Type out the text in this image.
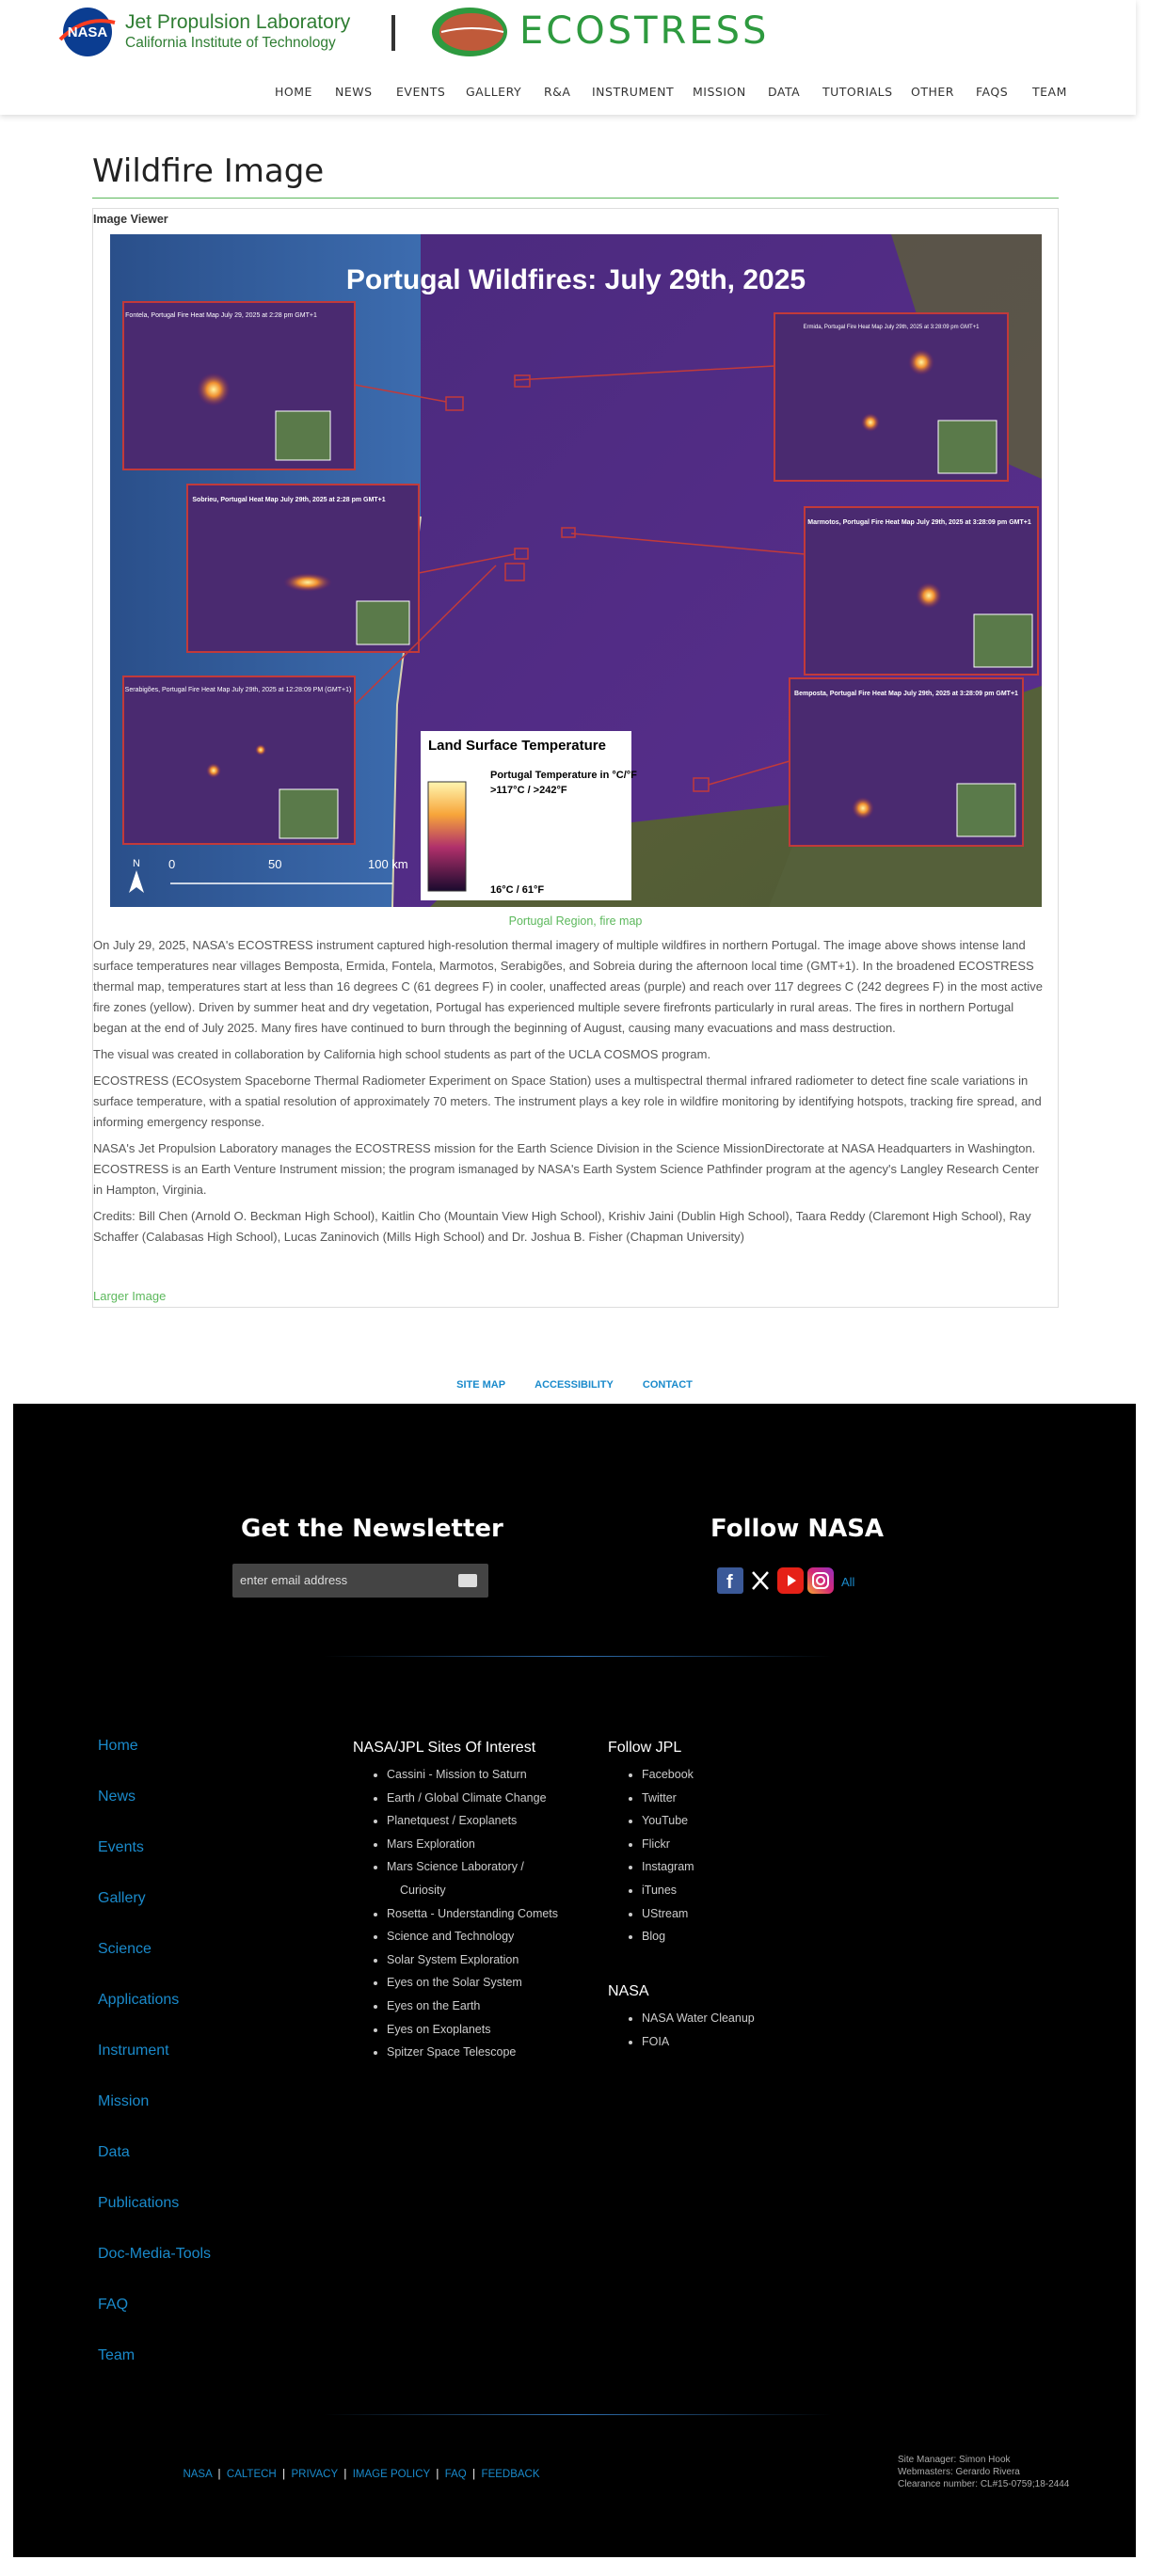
NASA Jet Propulsion Laboratory
California Institute of Technology	ECOSTRESS
HOME NEWS EVENTS GALLERY R&A INSTRUMENT MISSION DATA TUTORIALS OTHER FAQS TEAM
Wildfire Image
Image Viewer
Portugal Wildfires: July 29th, 2025
Fontela, Portugal Fire Heat Map July 29, 2025 at 2:28 pm GMT+1
Ermida, Portugal Fire Heat Map July 29th, 2025 at 3:28:09 pm GMT+1
Sobrieu, Portugal Heat Map July 29th, 2025 at 2:28 pm GMT+1
Marmotos, Portugal Fire Heat Map July 29th, 2025 at 3:28:09 pm GMT+1
Serabigões, Portugal Fire Heat Map July 29th, 2025 at 12:28:09 PM (GMT+1)
Bemposta, Portugal Fire Heat Map July 29th, 2025 at 3:28:09 pm GMT+1
Land Surface Temperature
Portugal Temperature in °C/°F
>117°C / >242°F
16°C / 61°F
0	50	100 km
N
Portugal Region, fire map

On July 29, 2025, NASA's ECOSTRESS instrument captured high-resolution thermal imagery of multiple wildfires in northern Portugal. The image above shows intense land surface temperatures near villages Bemposta, Ermida, Fontela, Marmotos, Serabigões, and Sobreia during the afternoon local time (GMT+1). In the broadened ECOSTRESS thermal map, temperatures start at less than 16 degrees C (61 degrees F) in cooler, unaffected areas (purple) and reach over 117 degrees C (242 degrees F) in the most active fire zones (yellow). Driven by summer heat and dry vegetation, Portugal has experienced multiple severe firefronts particularly in rural areas. The fires in northern Portugal began at the end of July 2025. Many fires have continued to burn through the beginning of August, causing many evacuations and mass destruction.

The visual was created in collaboration by California high school students as part of the UCLA COSMOS program.

ECOSTRESS (ECOsystem Spaceborne Thermal Radiometer Experiment on Space Station) uses a multispectral thermal infrared radiometer to detect fine scale variations in surface temperature, with a spatial resolution of approximately 70 meters. The instrument plays a key role in wildfire monitoring by identifying hotspots, tracking fire spread, and informing emergency response.

NASA's Jet Propulsion Laboratory manages the ECOSTRESS mission for the Earth Science Division in the Science MissionDirectorate at NASA Headquarters in Washington. ECOSTRESS is an Earth Venture Instrument mission; the program ismanaged by NASA's Earth System Science Pathfinder program at the agency's Langley Research Center in Hampton, Virginia.

Credits: Bill Chen (Arnold O. Beckman High School), Kaitlin Cho (Mountain View High School), Krishiv Jaini (Dublin High School), Taara Reddy (Claremont High School), Ray Schaffer (Calabasas High School), Lucas Zaninovich (Mills High School) and Dr. Joshua B. Fisher (Chapman University)

Larger Image
SITE MAP	ACCESSIBILITY	CONTACT
Get the Newsletter
enter email address
Follow NASA
f	All
Home
News
Events
Gallery
Science
Applications
Instrument
Mission
Data
Publications
Doc-Media-Tools
FAQ
Team
NASA/JPL Sites Of Interest
• Cassini - Mission to Saturn
• Earth / Global Climate Change
• Planetquest / Exoplanets
• Mars Exploration
• Mars Science Laboratory /
Curiosity
• Rosetta - Understanding Comets
• Science and Technology
• Solar System Exploration
• Eyes on the Solar System
• Eyes on the Earth
• Eyes on Exoplanets
• Spitzer Space Telescope
Follow JPL
• Facebook
• Twitter
• YouTube
• Flickr
• Instagram
• iTunes
• UStream
• Blog
NASA
• NASA Water Cleanup
• FOIA
NASA | CALTECH | PRIVACY | IMAGE POLICY | FAQ | FEEDBACK
Site Manager: Simon Hook
Webmasters: Gerardo Rivera
Clearance number: CL#15-0759;18-2444
